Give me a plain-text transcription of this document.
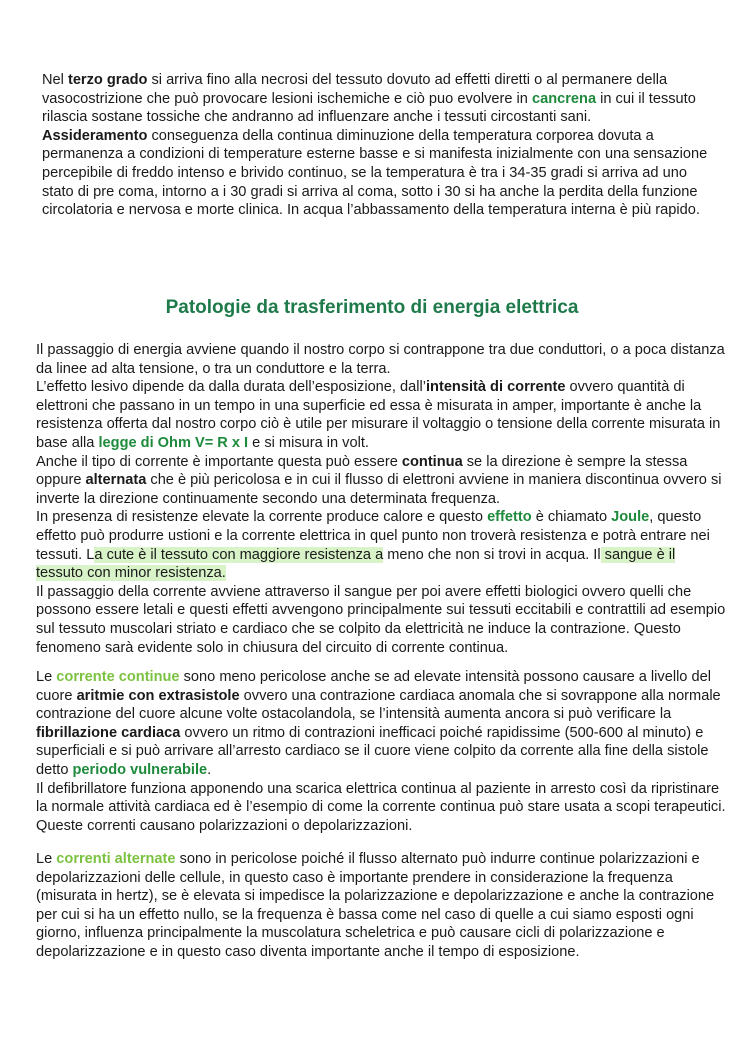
Nel terzo grado si arriva fino alla necrosi del tessuto dovuto ad effetti diretti o al permanere della vasocostrizione che può provocare lesioni ischemiche e ciò puo evolvere in cancrena in cui il tessuto rilascia sostane tossiche che andranno ad influenzare anche i tessuti circostanti sani.
Assideramento conseguenza della continua diminuzione della temperatura corporea dovuta a permanenza a condizioni di temperature esterne basse e si manifesta inizialmente con una sensazione percepibile di freddo intenso e brivido continuo, se la temperatura è tra i 34-35 gradi si arriva ad uno stato di pre coma, intorno a i 30 gradi si arriva al coma, sotto i 30 si ha anche la perdita della funzione circolatoria e nervosa e morte clinica. In acqua l’abbassamento della temperatura interna è più rapido.
Patologie da trasferimento di energia elettrica
Il passaggio di energia avviene quando il nostro corpo si contrappone tra due conduttori, o a poca distanza da linee ad alta tensione, o tra un conduttore e la terra.
L’effetto lesivo dipende da dalla durata dell’esposizione, dall’intensità di corrente ovvero quantità di elettroni che passano in un tempo in una superficie ed essa è misurata in amper, importante è anche la resistenza offerta dal nostro corpo ciò è utile per misurare il voltaggio o tensione della corrente misurata in base alla legge di Ohm V= R x I e si misura in volt.
Anche il tipo di corrente è importante questa può essere continua se la direzione è sempre la stessa oppure alternata che è più pericolosa e in cui il flusso di elettroni avviene in maniera discontinua ovvero si inverte la direzione continuamente secondo una determinata frequenza.
In presenza di resistenze elevate la corrente produce calore e questo effetto è chiamato Joule, questo effetto può produrre ustioni e la corrente elettrica in quel punto non troverà resistenza e potrà entrare nei tessuti. La cute è il tessuto con maggiore resistenza a meno che non si trovi in acqua. Il sangue è il tessuto con minor resistenza.
Il passaggio della corrente avviene attraverso il sangue per poi avere effetti biologici ovvero quelli che possono essere letali e questi effetti avvengono principalmente sui tessuti eccitabili e contrattili ad esempio sul tessuto muscolari striato e cardiaco che se colpito da elettricità ne induce la contrazione. Questo fenomeno sarà evidente solo in chiusura del circuito di corrente continua.
Le corrente continue sono meno pericolose anche se ad elevate intensità possono causare a livello del cuore aritmie con extrasistole ovvero una contrazione cardiaca anomala che si sovrappone alla normale contrazione del cuore alcune volte ostacolandola, se l’intensità aumenta ancora si può verificare la fibrillazione cardiaca ovvero un ritmo di contrazioni inefficaci poiché rapidissime (500-600 al minuto) e superficiali e si può arrivare all’arresto cardiaco se il cuore viene colpito da corrente alla fine della sistole detto periodo vulnerabile.
Il defibrillatore funziona apponendo una scarica elettrica continua al paziente in arresto così da ripristinare la normale attività cardiaca ed è l’esempio di come la corrente continua può stare usata a scopi terapeutici. Queste correnti causano polarizzazioni o depolarizzazioni.
Le correnti alternate sono in pericolose poiché il flusso alternato può indurre continue polarizzazioni e depolarizzazioni delle cellule, in questo caso è importante prendere in considerazione la frequenza (misurata in hertz), se è elevata si impedisce la polarizzazione e depolarizzazione e anche la contrazione per cui si ha un effetto nullo, se la frequenza è bassa come nel caso di quelle a cui siamo esposti ogni giorno, influenza principalmente la muscolatura scheletrica e può causare cicli di polarizzazione e depolarizzazione e in questo caso diventa importante anche il tempo di esposizione.
